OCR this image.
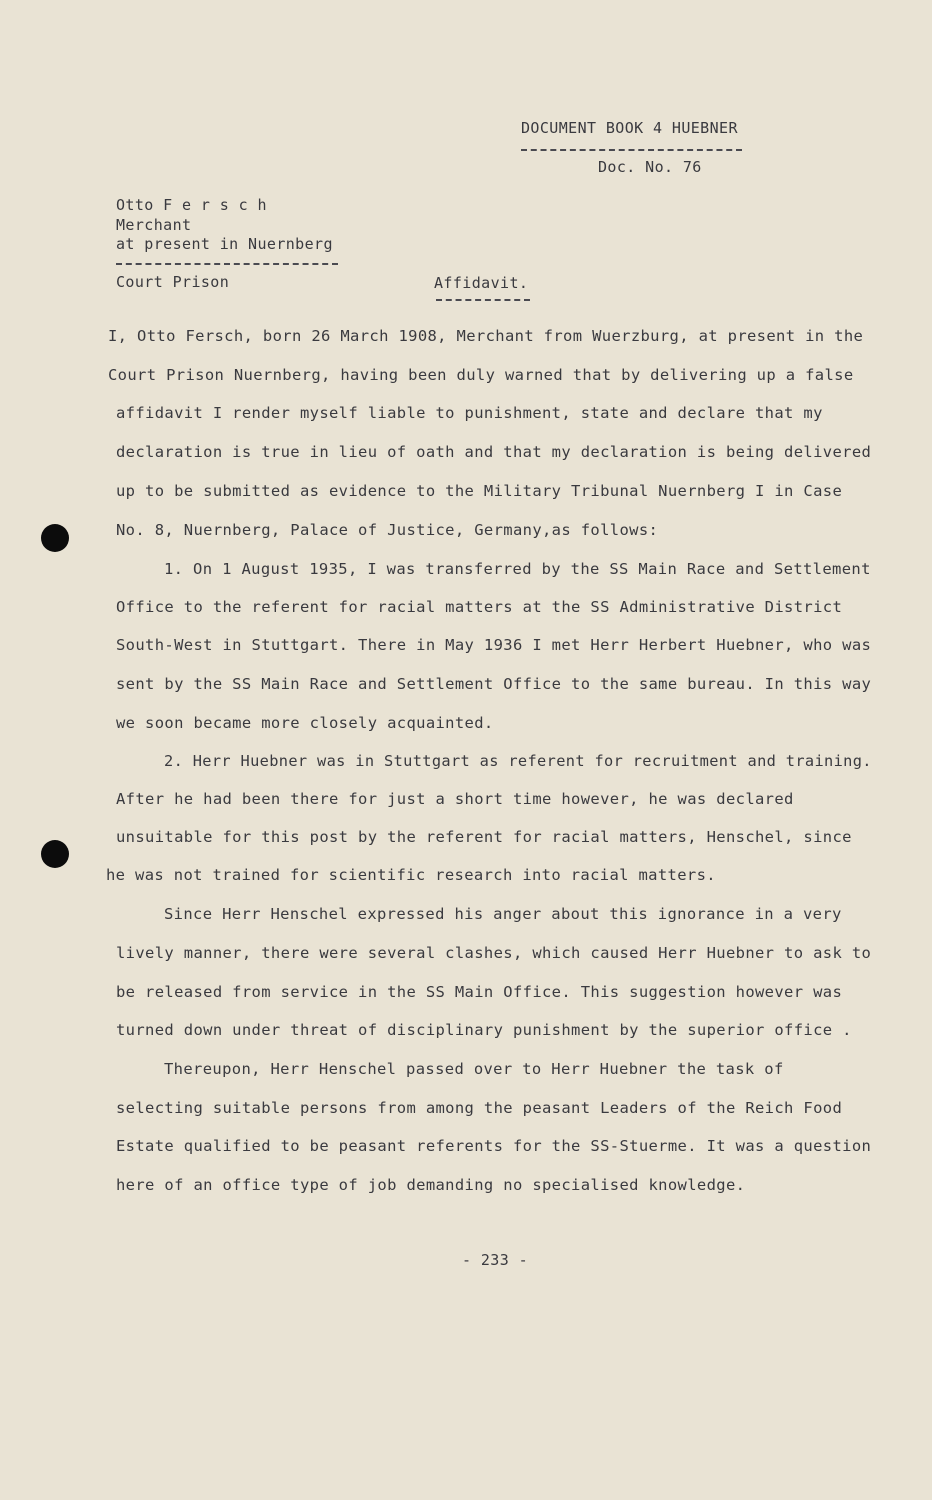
DOCUMENT BOOK 4 HUEBNER
Doc. No. 76
Otto F e r s c h
Merchant
at present in Nuernberg
Court Prison	Affidavit.
I, Otto Fersch, born 26 March 1908, Merchant from Wuerzburg, at present in the
Court Prison Nuernberg, having been duly warned that by delivering up a false
affidavit I render myself liable to punishment, state and declare that my
declaration is true in lieu of oath and that my declaration is being delivered
up to be submitted as evidence to the Military Tribunal Nuernberg I in Case
No. 8, Nuernberg, Palace of Justice, Germany,as follows:
1. On 1 August 1935, I was transferred by the SS Main Race and Settlement
Office to the referent for racial matters at the SS Administrative District
South-West in Stuttgart. There in May 1936 I met Herr Herbert Huebner, who was
sent by the SS Main Race and Settlement Office to the same bureau. In this way
we soon became more closely acquainted.
2. Herr Huebner was in Stuttgart as referent for recruitment and training.
After he had been there for just a short time however, he was declared
unsuitable for this post by the referent for racial matters, Henschel, since
he was not trained for scientific research into racial matters.
Since Herr Henschel expressed his anger about this ignorance in a very
lively manner, there were several clashes, which caused Herr Huebner to ask to
be released from service in the SS Main Office. This suggestion however was
turned down under threat of disciplinary punishment by the superior office .
Thereupon, Herr Henschel passed over to Herr Huebner the task of
selecting suitable persons from among the peasant Leaders of the Reich Food
Estate qualified to be peasant referents for the SS-Stuerme. It was a question
here of an office type of job demanding no specialised knowledge.
- 233 -
